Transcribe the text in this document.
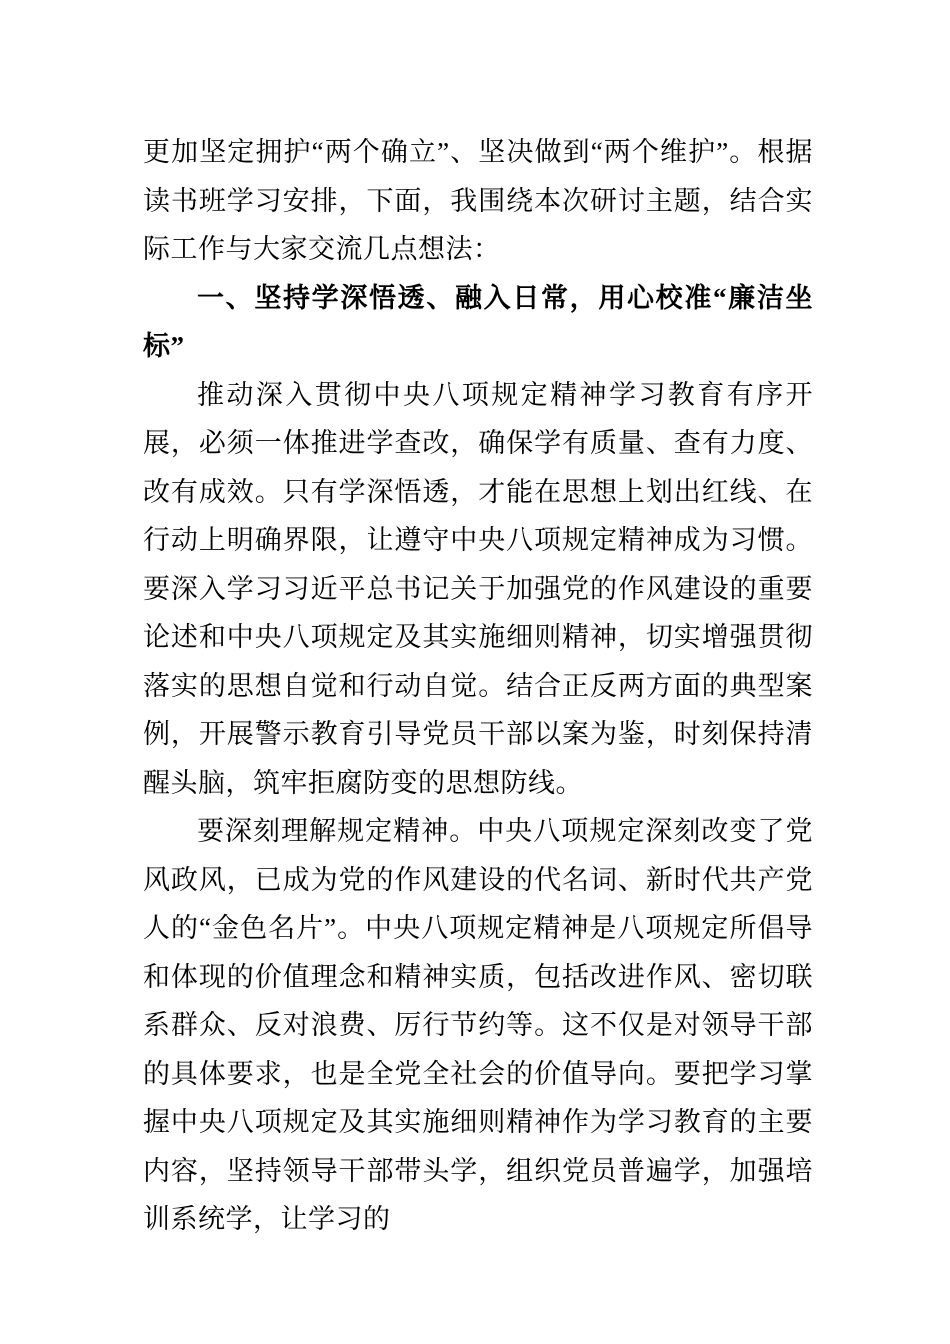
更加坚定拥护“两个确立”、坚决做到“两个维护”。根据读书班学习安排，下面，我围绕本次研讨主题，结合实际工作与大家交流几点想法：

一、坚持学深悟透、融入日常，用心校准“廉洁坐标”

推动深入贯彻中央八项规定精神学习教育有序开展，必须一体推进学查改，确保学有质量、查有力度、改有成效。只有学深悟透，才能在思想上划出红线、在行动上明确界限，让遵守中央八项规定精神成为习惯。要深入学习习近平总书记关于加强党的作风建设的重要论述和中央八项规定及其实施细则精神，切实增强贯彻落实的思想自觉和行动自觉。结合正反两方面的典型案例，开展警示教育引导党员干部以案为鉴，时刻保持清醒头脑，筑牢拒腐防变的思想防线。

要深刻理解规定精神。中央八项规定深刻改变了党风政风，已成为党的作风建设的代名词、新时代共产党人的“金色名片”。中央八项规定精神是八项规定所倡导和体现的价值理念和精神实质，包括改进作风、密切联系群众、反对浪费、厉行节约等。这不仅是对领导干部的具体要求，也是全党全社会的价值导向。要把学习掌握中央八项规定及其实施细则精神作为学习教育的主要内容，坚持领导干部带头学，组织党员普遍学，加强培训系统学，让学习的
